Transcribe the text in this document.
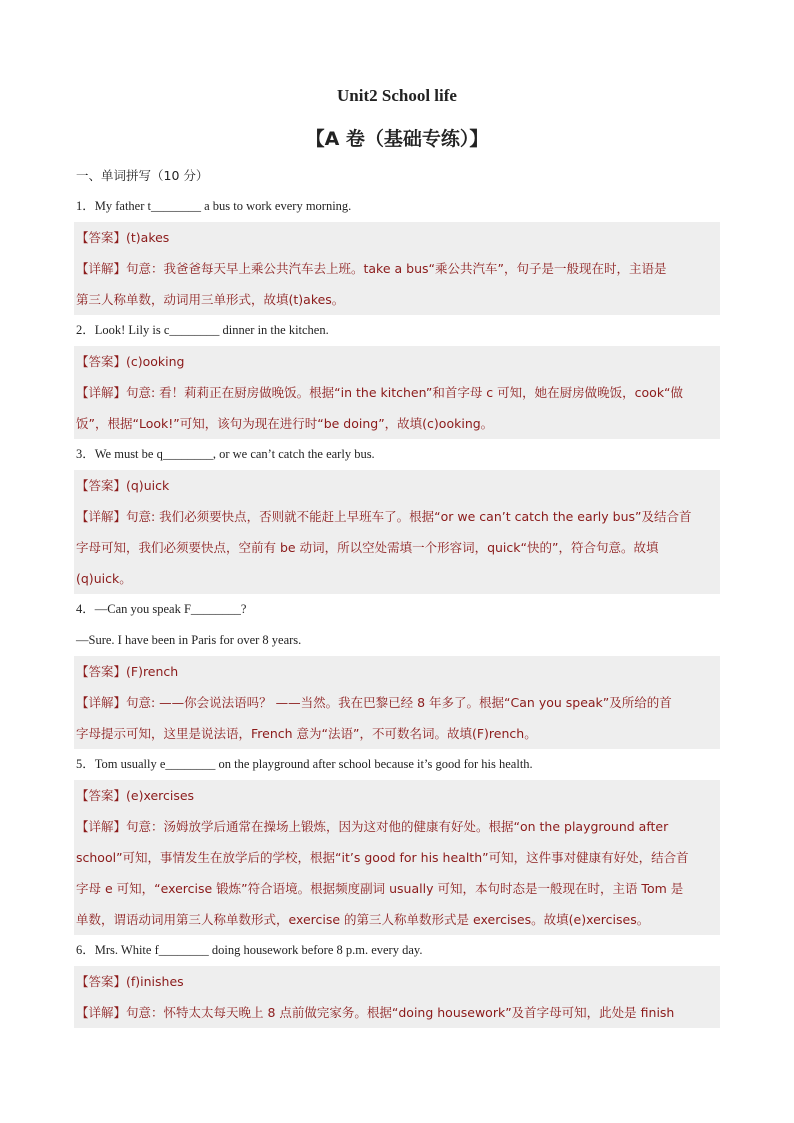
Unit2 School life
【A 卷（基础专练）】
一、单词拼写（10 分）
1．My father t________ a bus to work every morning.
【答案】(t)akes
【详解】句意：我爸爸每天早上乘公共汽车去上班。take a bus“乘公共汽车”，句子是一般现在时，主语是
第三人称单数，动词用三单形式，故填(t)akes。
2．Look! Lily is c________ dinner in the kitchen.
【答案】(c)ooking
【详解】句意: 看！莉莉正在厨房做晚饭。根据“in the kitchen”和首字母 c 可知，她在厨房做晚饭，cook“做
饭”，根据“Look!”可知，该句为现在进行时“be doing”，故填(c)ooking。
3．We must be q________, or we can’t catch the early bus.
【答案】(q)uick
【详解】句意: 我们必须要快点，否则就不能赶上早班车了。根据“or we can’t catch the early bus”及结合首
字母可知，我们必须要快点，空前有 be 动词，所以空处需填一个形容词，quick“快的”，符合句意。故填
(q)uick。
4．—Can you speak F________?
—Sure. I have been in Paris for over 8 years.
【答案】(F)rench
【详解】句意: ——你会说法语吗？ ——当然。我在巴黎已经 8 年多了。根据“Can you speak”及所给的首
字母提示可知，这里是说法语，French 意为“法语”，不可数名词。故填(F)rench。
5．Tom usually e________ on the playground after school because it’s good for his health.
【答案】(e)xercises
【详解】句意：汤姆放学后通常在操场上锻炼，因为这对他的健康有好处。根据“on the playground after
school”可知，事情发生在放学后的学校，根据“it’s good for his health”可知，这件事对健康有好处，结合首
字母 e 可知，“exercise 锻炼”符合语境。根据频度副词 usually 可知，本句时态是一般现在时，主语 Tom 是
单数，谓语动词用第三人称单数形式，exercise 的第三人称单数形式是 exercises。故填(e)xercises。
6．Mrs. White f________ doing housework before 8 p.m. every day.
【答案】(f)inishes
【详解】句意：怀特太太每天晚上 8 点前做完家务。根据“doing housework”及首字母可知，此处是 finish
